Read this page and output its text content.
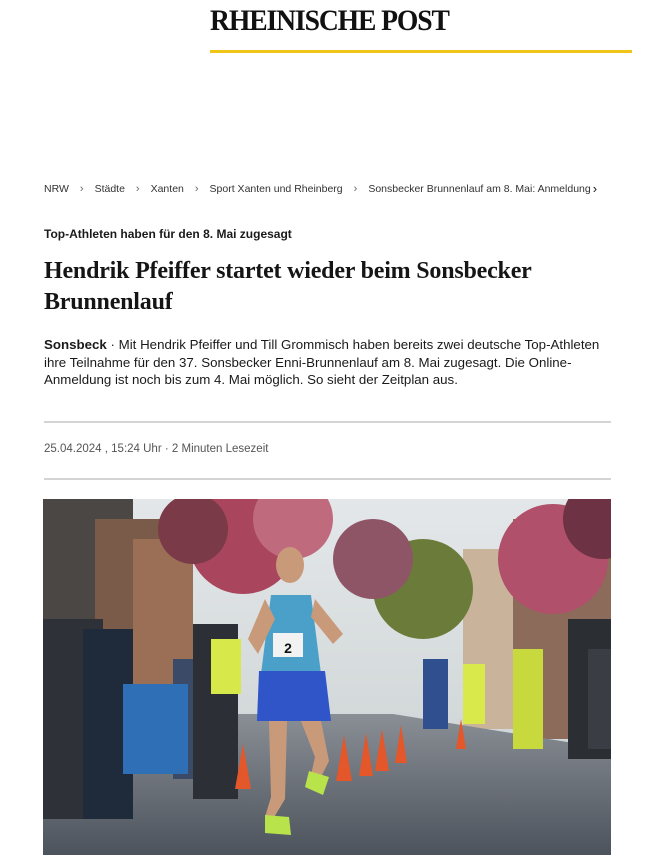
RHEINISCHE POST
NRW › Städte › Xanten › Sport Xanten und Rheinberg › Sonsbecker Brunnenlauf am 8. Mai: Anmeldung ›
Top-Athleten haben für den 8. Mai zugesagt
Hendrik Pfeiffer startet wieder beim Sonsbecker Brunnenlauf

Sonsbeck · Mit Hendrik Pfeiffer und Till Grommisch haben bereits zwei deutsche Top-Athleten ihre Teilnahme für den 37. Sonsbecker Enni-Brunnenlauf am 8. Mai zugesagt. Die Online-Anmeldung ist noch bis zum 4. Mai möglich. So sieht der Zeitplan aus.

25.04.2024 , 15:24 Uhr · 2 Minuten Lesezeit
2
